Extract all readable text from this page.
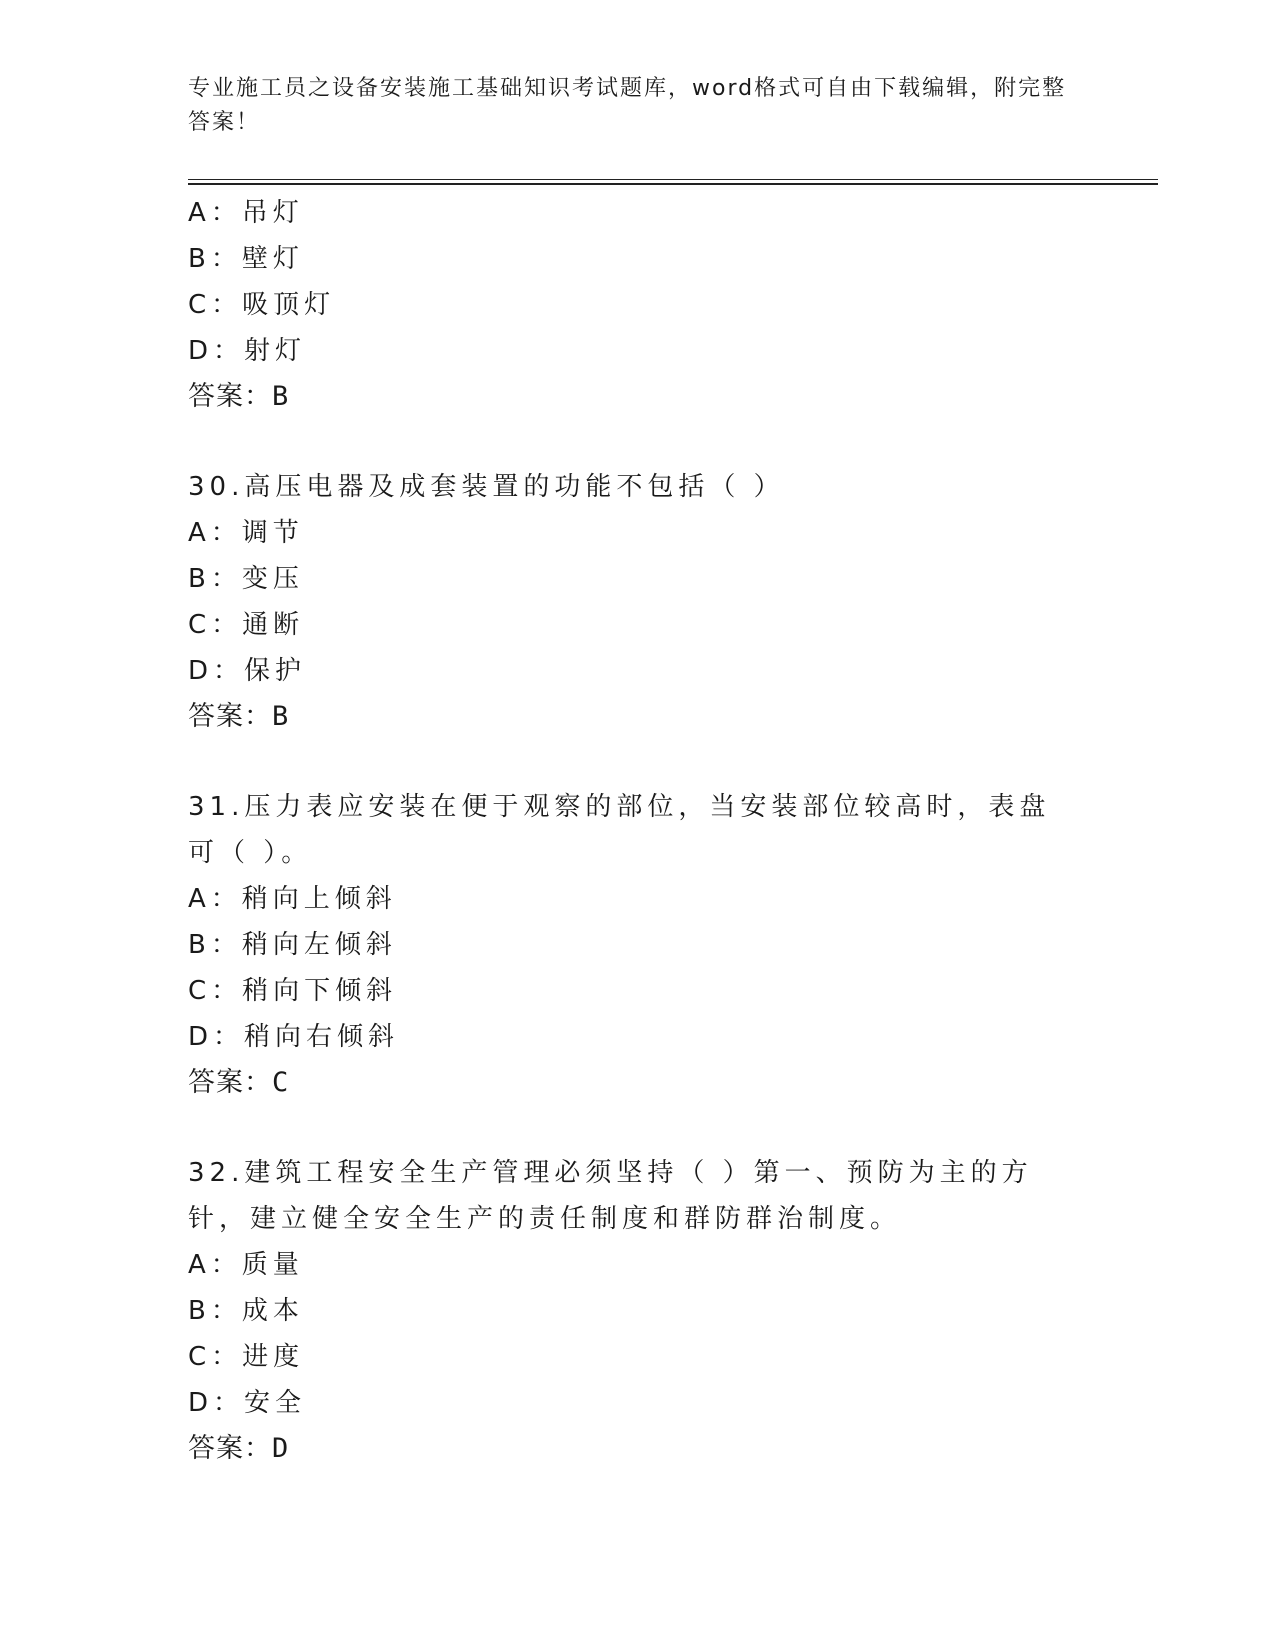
专业施工员之设备安装施工基础知识考试题库，word格式可自由下载编辑，附完整答案！
A：吊灯
B：壁灯
C：吸顶灯
D：射灯
答案：B
30.高压电器及成套装置的功能不包括（ ）
A：调节
B：变压
C：通断
D：保护
答案：B
31.压力表应安装在便于观察的部位，当安装部位较高时，表盘可（ ）。
A：稍向上倾斜
B：稍向左倾斜
C：稍向下倾斜
D：稍向右倾斜
答案：C
32.建筑工程安全生产管理必须坚持（ ）第一、预防为主的方针，建立健全安全生产的责任制度和群防群治制度。
A：质量
B：成本
C：进度
D：安全
答案：D
